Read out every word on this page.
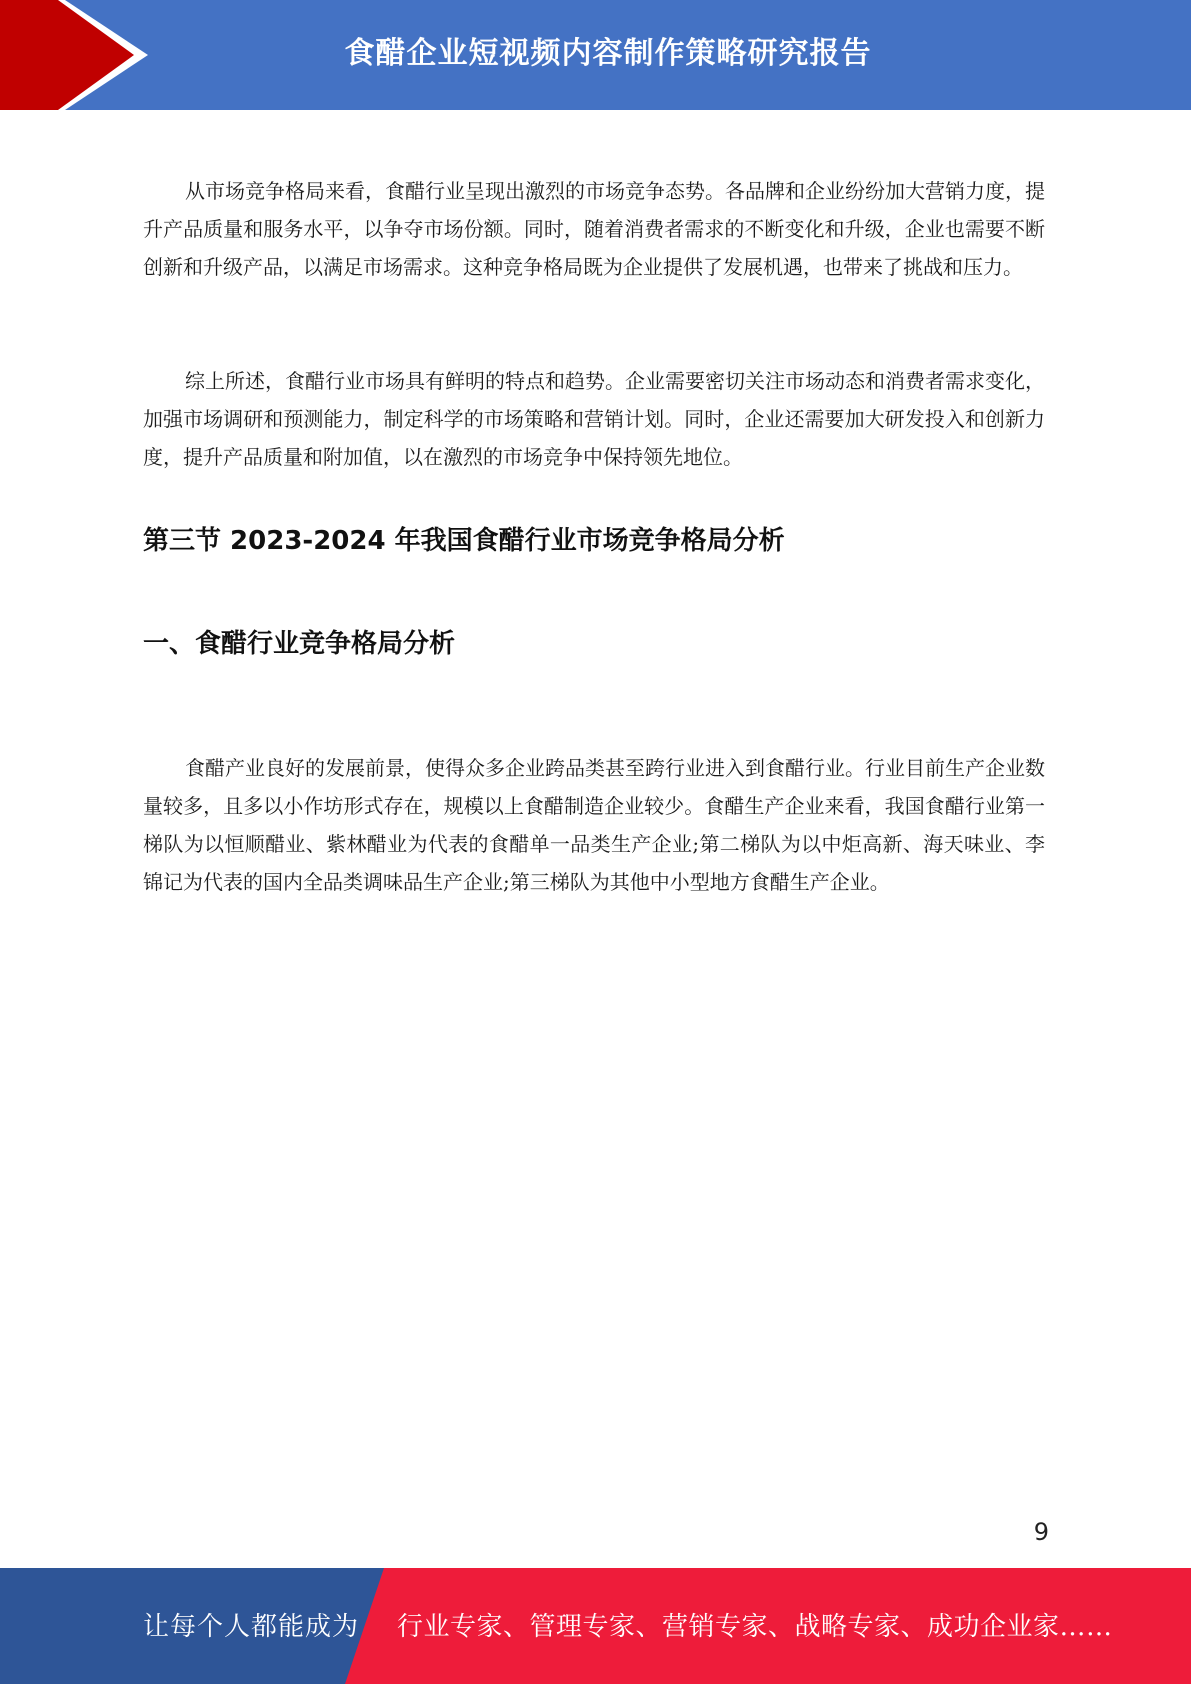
食醋企业短视频内容制作策略研究报告

从市场竞争格局来看，食醋行业呈现出激烈的市场竞争态势。各品牌和企业纷纷加大营销力度，提升产品质量和服务水平，以争夺市场份额。同时，随着消费者需求的不断变化和升级，企业也需要不断创新和升级产品，以满足市场需求。这种竞争格局既为企业提供了发展机遇，也带来了挑战和压力。

综上所述，食醋行业市场具有鲜明的特点和趋势。企业需要密切关注市场动态和消费者需求变化，加强市场调研和预测能力，制定科学的市场策略和营销计划。同时，企业还需要加大研发投入和创新力度，提升产品质量和附加值，以在激烈的市场竞争中保持领先地位。

第三节 2023-2024 年我国食醋行业市场竞争格局分析
一、食醋行业竞争格局分析

食醋产业良好的发展前景，使得众多企业跨品类甚至跨行业进入到食醋行业。行业目前生产企业数量较多，且多以小作坊形式存在，规模以上食醋制造企业较少。食醋生产企业来看，我国食醋行业第一梯队为以恒顺醋业、紫林醋业为代表的食醋单一品类生产企业;第二梯队为以中炬高新、海天味业、李锦记为代表的国内全品类调味品生产企业;第三梯队为其他中小型地方食醋生产企业。

9
让每个人都能成为 行业专家、管理专家、营销专家、战略专家、成功企业家……
